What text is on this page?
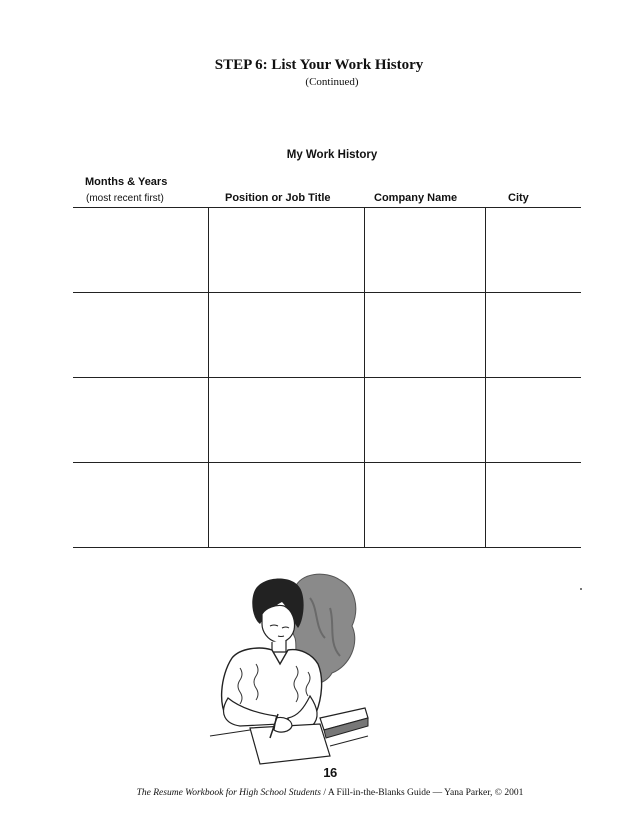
STEP 6: List Your Work History
(Continued)
My Work History
Months & Years
(most recent first)	Position or Job Title	Company Name	City
16
The Resume Workbook for High School Students / A Fill-in-the-Blanks Guide — Yana Parker, © 2001
